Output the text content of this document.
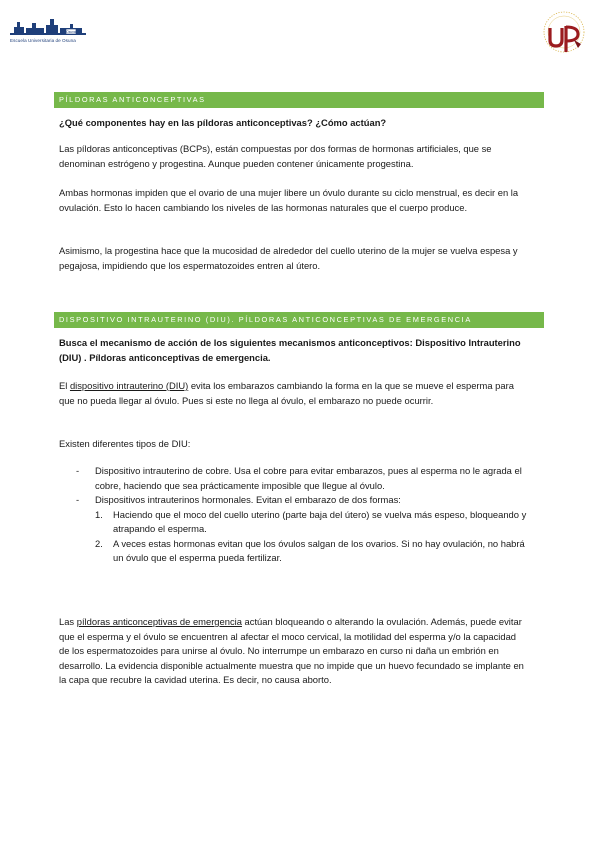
Osuna
Escuela Universitaria de Osuna
PÍLDORAS ANTICONCEPTIVAS

¿Qué componentes hay en las píldoras anticonceptivas? ¿Cómo actúan?

Las píldoras anticonceptivas (BCPs), están compuestas por dos formas de hormonas artificiales, que se denominan estrógeno y progestina. Aunque pueden contener únicamente progestina.

Ambas hormonas impiden que el ovario de una mujer libere un óvulo durante su ciclo menstrual, es decir en la ovulación. Esto lo hacen cambiando los niveles de las hormonas naturales que el cuerpo produce.

Asimismo, la progestina hace que la mucosidad de alrededor del cuello uterino de la mujer se vuelva espesa y pegajosa, impidiendo que los espermatozoides entren al útero.

DISPOSITIVO INTRAUTERINO (DIU). PÍLDORAS ANTICONCEPTIVAS DE EMERGENCIA

Busca el mecanismo de acción de los siguientes mecanismos anticonceptivos: Dispositivo Intrauterino (DIU) . Píldoras anticonceptivas de emergencia.

El dispositivo intrauterino (DIU) evita los embarazos cambiando la forma en la que se mueve el esperma para que no pueda llegar al óvulo. Pues si este no llega al óvulo, el embarazo no puede ocurrir.

Existen diferentes tipos de DIU:

- Dispositivo intrauterino de cobre. Usa el cobre para evitar embarazos, pues al esperma no le agrada el cobre, haciendo que sea prácticamente imposible que llegue al óvulo.
- Dispositivos intrauterinos hormonales. Evitan el embarazo de dos formas:
1. Haciendo que el moco del cuello uterino (parte baja del útero) se vuelva más espeso, bloqueando y atrapando el esperma.
2. A veces estas hormonas evitan que los óvulos salgan de los ovarios. Si no hay ovulación, no habrá un óvulo que el esperma pueda fertilizar.

Las píldoras anticonceptivas de emergencia actúan bloqueando o alterando la ovulación. Además, puede evitar que el esperma y el óvulo se encuentren al afectar el moco cervical, la motilidad del esperma y/o la capacidad de los espermatozoides para unirse al óvulo. No interrumpe un embarazo en curso ni daña un embrión en desarrollo. La evidencia disponible actualmente muestra que no impide que un huevo fecundado se implante en la capa que recubre la cavidad uterina. Es decir, no causa aborto.
